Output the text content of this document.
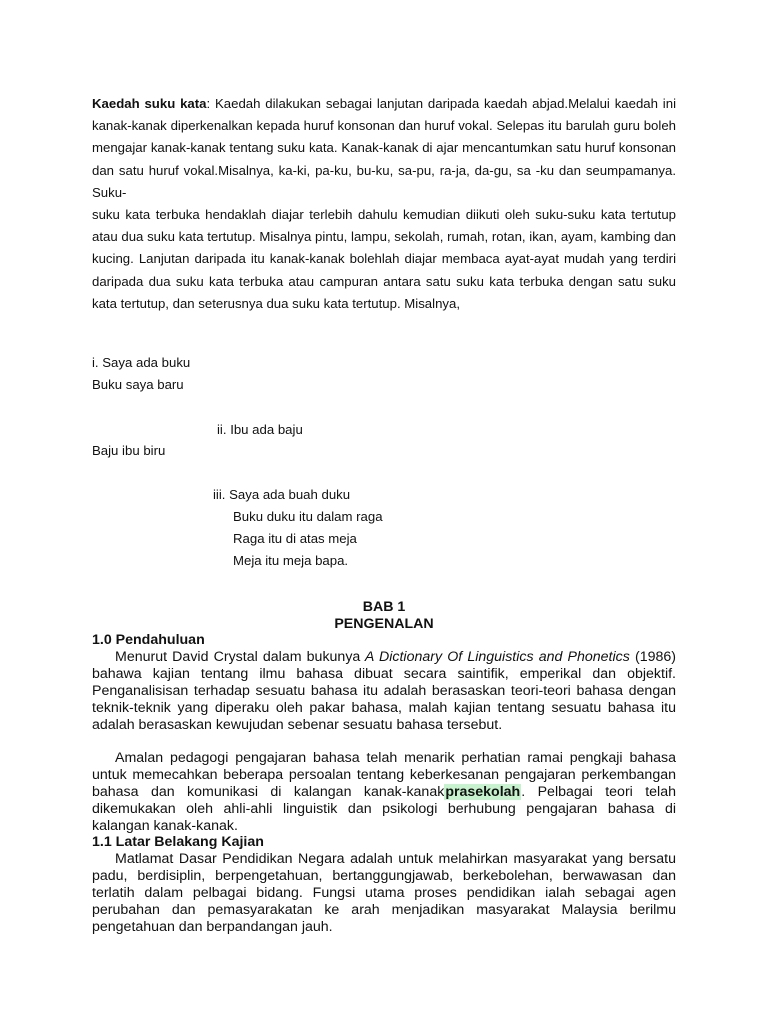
Kaedah suku kata: Kaedah dilakukan sebagai lanjutan daripada kaedah abjad.Melalui kaedah ini kanak-kanak diperkenalkan kepada huruf konsonan dan huruf vokal. Selepas itu barulah guru boleh mengajar kanak-kanak tentang suku kata. Kanak-kanak di ajar mencantumkan satu huruf konsonan dan satu huruf vokal.Misalnya, ka-ki, pa-ku, bu-ku, sa-pu, ra-ja, da-gu, sa -ku dan seumpamanya. Suku-
suku kata terbuka hendaklah diajar terlebih dahulu kemudian diikuti oleh suku-suku kata tertutup atau dua suku kata tertutup. Misalnya pintu, lampu, sekolah, rumah, rotan, ikan, ayam, kambing dan kucing. Lanjutan daripada itu kanak-kanak bolehlah diajar membaca ayat-ayat mudah yang terdiri daripada dua suku kata terbuka atau campuran antara satu suku kata terbuka dengan satu suku kata tertutup, dan seterusnya dua suku kata tertutup. Misalnya,

i. Saya ada buku
Buku saya baru
ii. Ibu ada baju
Baju ibu biru
iii. Saya ada buah duku
Buku duku itu dalam raga
Raga itu di atas meja
Meja itu meja bapa.
BAB 1
PENGENALAN
1.0 Pendahuluan

Menurut David Crystal dalam bukunya A Dictionary Of Linguistics and Phonetics (1986) bahawa kajian tentang ilmu bahasa dibuat secara saintifik, emperikal dan objektif. Penganalisisan terhadap sesuatu bahasa itu adalah berasaskan teori-teori bahasa dengan teknik-teknik yang diperaku oleh pakar bahasa, malah kajian tentang sesuatu bahasa itu adalah berasaskan kewujudan sebenar sesuatu bahasa tersebut.

Amalan pedagogi pengajaran bahasa telah menarik perhatian ramai pengkaji bahasa untuk memecahkan beberapa persoalan tentang keberkesanan pengajaran perkembangan bahasa dan komunikasi di kalangan kanak-kanakprasekolah. Pelbagai teori telah dikemukakan oleh ahli-ahli linguistik dan psikologi berhubung pengajaran bahasa di kalangan kanak-kanak.

1.1 Latar Belakang Kajian

Matlamat Dasar Pendidikan Negara adalah untuk melahirkan masyarakat yang bersatu padu, berdisiplin, berpengetahuan, bertanggungjawab, berkebolehan, berwawasan dan terlatih dalam pelbagai bidang. Fungsi utama proses pendidikan ialah sebagai agen perubahan dan pemasyarakatan ke arah menjadikan masyarakat Malaysia berilmu pengetahuan dan berpandangan jauh.
